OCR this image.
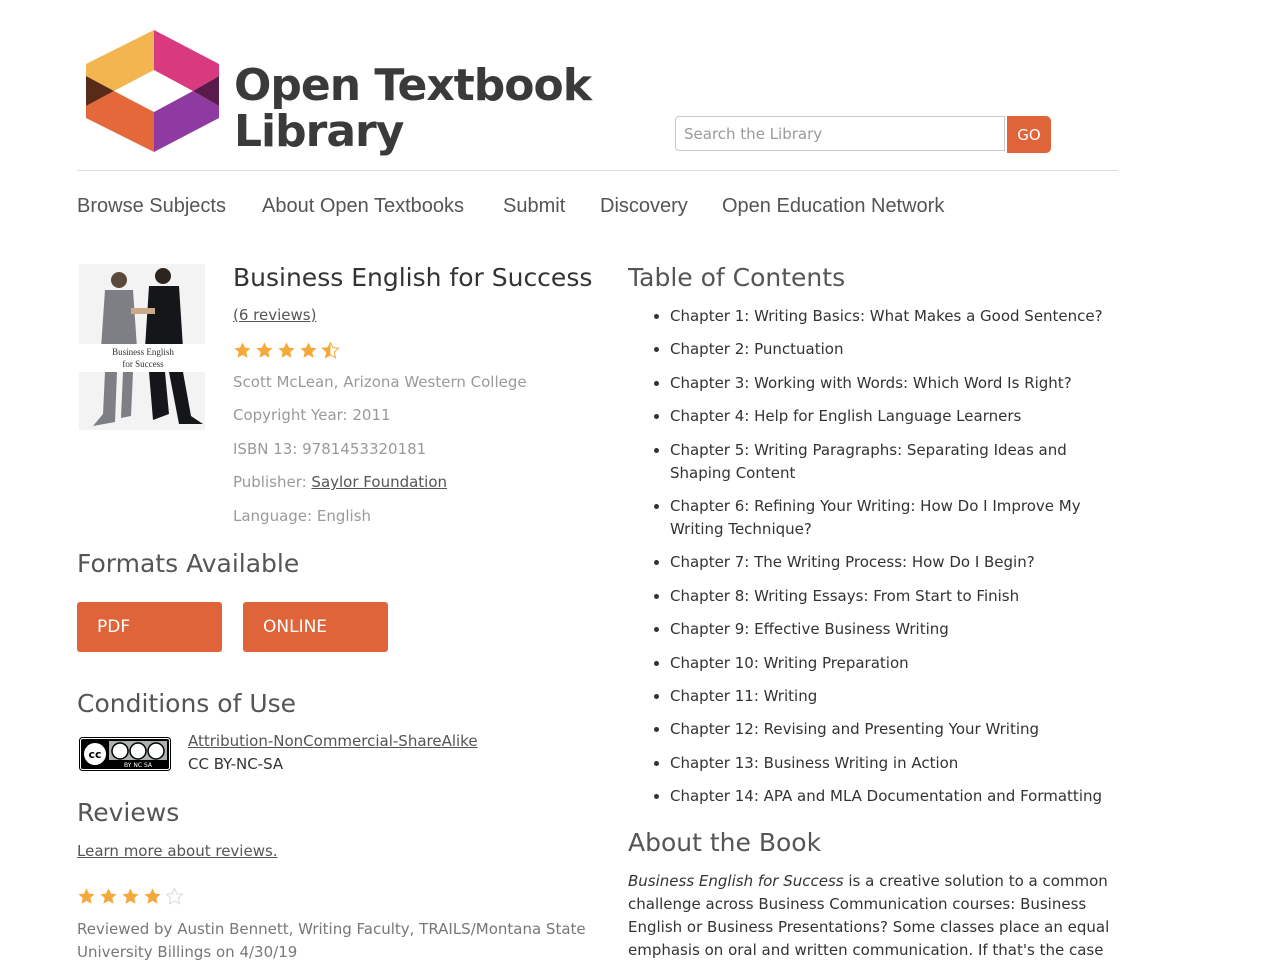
Open Textbook
Library
Search the Library	GO
Browse Subjects About Open Textbooks Submit Discovery Open Education Network
Business English
for Success
Business English for Success
(6 reviews)
Scott McLean, Arizona Western College
Copyright Year: 2011
ISBN 13: 9781453320181
Publisher: Saylor Foundation
Language: English
Formats Available
PDF	ONLINE
Conditions of Use
cc
BY NC SA
Attribution-NonCommercial-ShareAlike
CC BY-NC-SA
Reviews
Learn more about reviews.
Reviewed by Austin Bennett, Writing Faculty, TRAILS/Montana State University Billings on 4/30/19
Table of Contents
Chapter 1: Writing Basics: What Makes a Good Sentence?
Chapter 2: Punctuation
Chapter 3: Working with Words: Which Word Is Right?
Chapter 4: Help for English Language Learners
Chapter 5: Writing Paragraphs: Separating Ideas and Shaping Content
Chapter 6: Refining Your Writing: How Do I Improve My Writing Technique?
Chapter 7: The Writing Process: How Do I Begin?
Chapter 8: Writing Essays: From Start to Finish
Chapter 9: Effective Business Writing
Chapter 10: Writing Preparation
Chapter 11: Writing
Chapter 12: Revising and Presenting Your Writing
Chapter 13: Business Writing in Action
Chapter 14: APA and MLA Documentation and Formatting
About the Book
Business English for Success is a creative solution to a common challenge across Business Communication courses: Business English or Business Presentations? Some classes place an equal emphasis on oral and written communication. If that's the case
